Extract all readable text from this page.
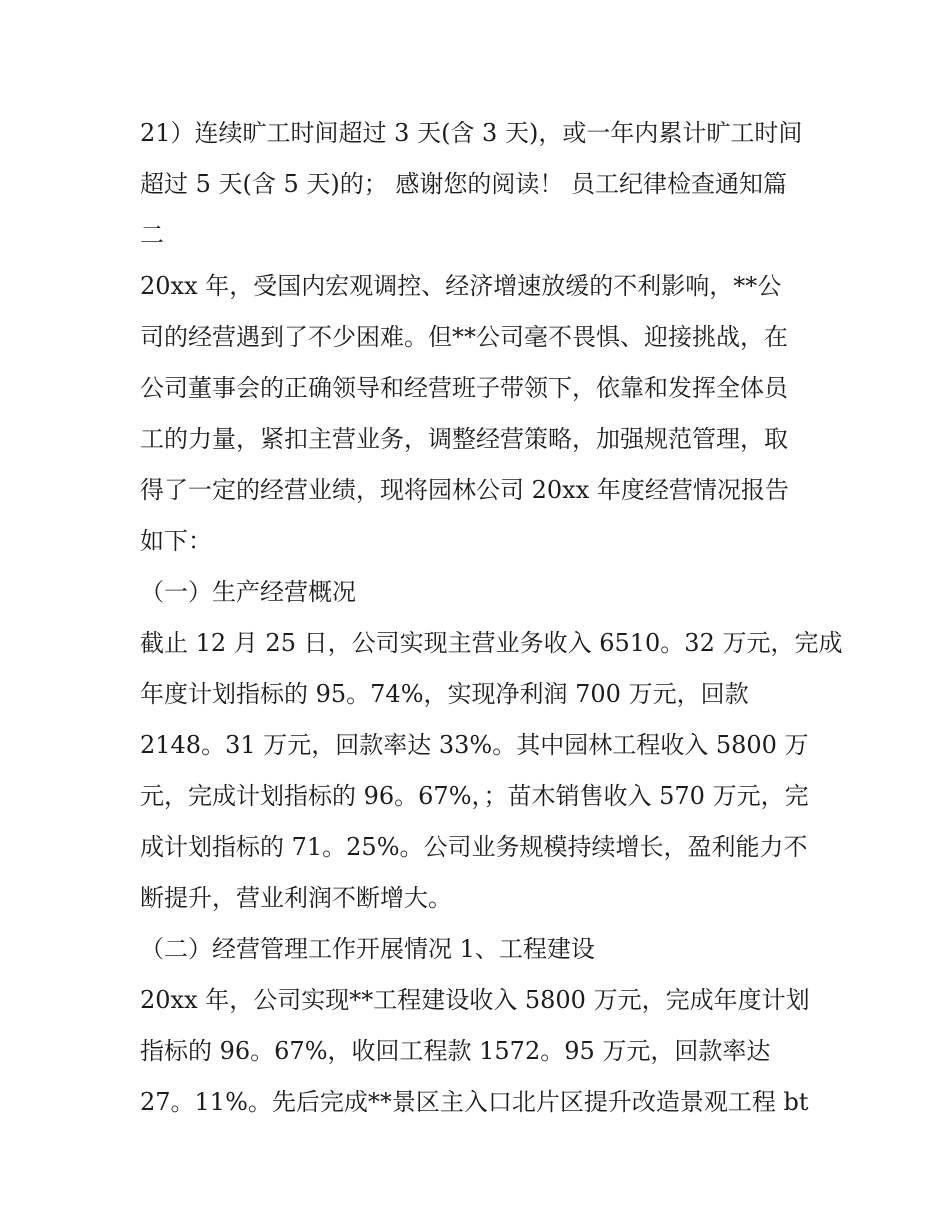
21）连续旷工时间超过 3 天(含 3 天)，或一年内累计旷工时间

超过 5 天(含 5 天)的； 感谢您的阅读！ 员工纪律检查通知篇

二

20xx 年，受国内宏观调控、经济增速放缓的不利影响，**公

司的经营遇到了不少困难。但**公司毫不畏惧、迎接挑战，在

公司董事会的正确领导和经营班子带领下，依靠和发挥全体员

工的力量，紧扣主营业务，调整经营策略，加强规范管理，取

得了一定的经营业绩，现将园林公司 20xx 年度经营情况报告

如下：

（一）生产经营概况

截止 12 月 25 日，公司实现主营业务收入 6510。32 万元，完成

年度计划指标的 95。74%，实现净利润 700 万元，回款

2148。31 万元，回款率达 33%。其中园林工程收入 5800 万

元，完成计划指标的 96。67%，；苗木销售收入 570 万元，完

成计划指标的 71。25%。公司业务规模持续增长，盈利能力不

断提升，营业利润不断增大。

（二）经营管理工作开展情况 1、工程建设

20xx 年，公司实现**工程建设收入 5800 万元，完成年度计划

指标的 96。67%，收回工程款 1572。95 万元，回款率达

27。11%。先后完成**景区主入口北片区提升改造景观工程 bt
